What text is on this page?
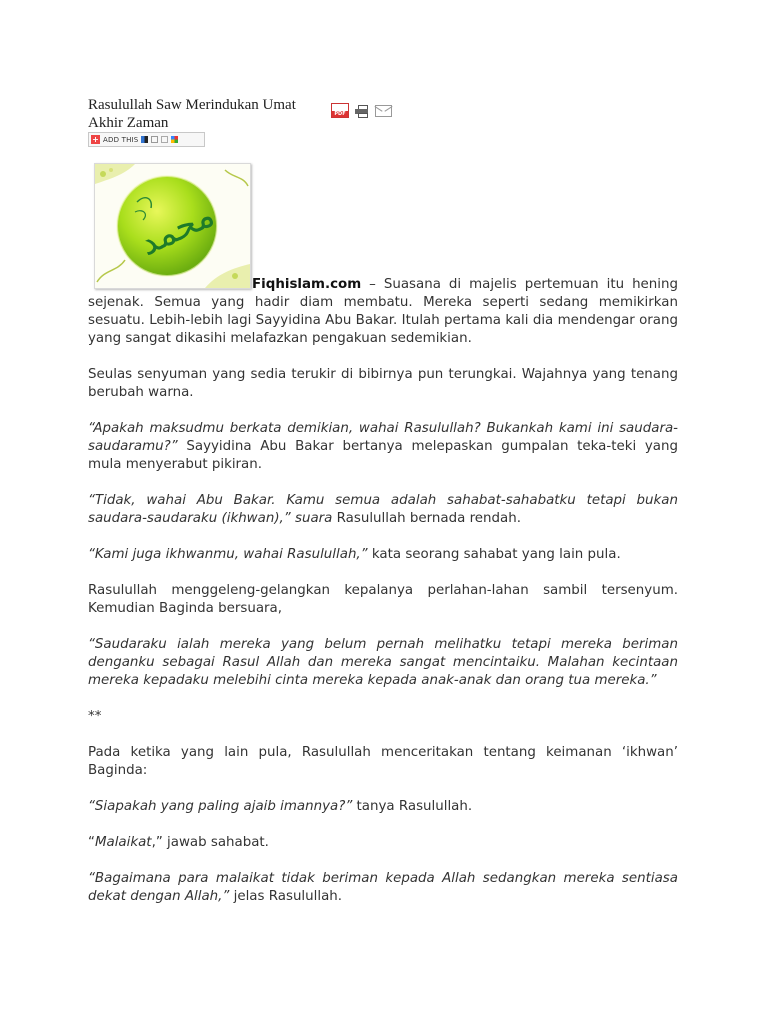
Rasulullah Saw Merindukan Umat Akhir Zaman
PDF
+ ADD THIS
محمد

Fiqhislam.com – Suasana di majelis pertemuan itu hening sejenak. Semua yang hadir diam membatu. Mereka seperti sedang memikirkan sesuatu. Lebih-lebih lagi Sayyidina Abu Bakar. Itulah pertama kali dia mendengar orang yang sangat dikasihi melafazkan pengakuan sedemikian.

Seulas senyuman yang sedia terukir di bibirnya pun terungkai. Wajahnya yang tenang berubah warna.

“Apakah maksudmu berkata demikian, wahai Rasulullah? Bukankah kami ini saudara-saudaramu?” Sayyidina Abu Bakar bertanya melepaskan gumpalan teka-teki yang mula menyerabut pikiran.

“Tidak, wahai Abu Bakar. Kamu semua adalah sahabat-sahabatku tetapi bukan saudara-saudaraku (ikhwan),” suara Rasulullah bernada rendah.

“Kami juga ikhwanmu, wahai Rasulullah,” kata seorang sahabat yang lain pula.

Rasulullah menggeleng-gelangkan kepalanya perlahan-lahan sambil tersenyum. Kemudian Baginda bersuara,

“Saudaraku ialah mereka yang belum pernah melihatku tetapi mereka beriman denganku sebagai Rasul Allah dan mereka sangat mencintaiku. Malahan kecintaan mereka kepadaku melebihi cinta mereka kepada anak-anak dan orang tua mereka.”

**

Pada ketika yang lain pula, Rasulullah menceritakan tentang keimanan ‘ikhwan’ Baginda:

“Siapakah yang paling ajaib imannya?” tanya Rasulullah.

“Malaikat,” jawab sahabat.

“Bagaimana para malaikat tidak beriman kepada Allah sedangkan mereka sentiasa dekat dengan Allah,” jelas Rasulullah.
